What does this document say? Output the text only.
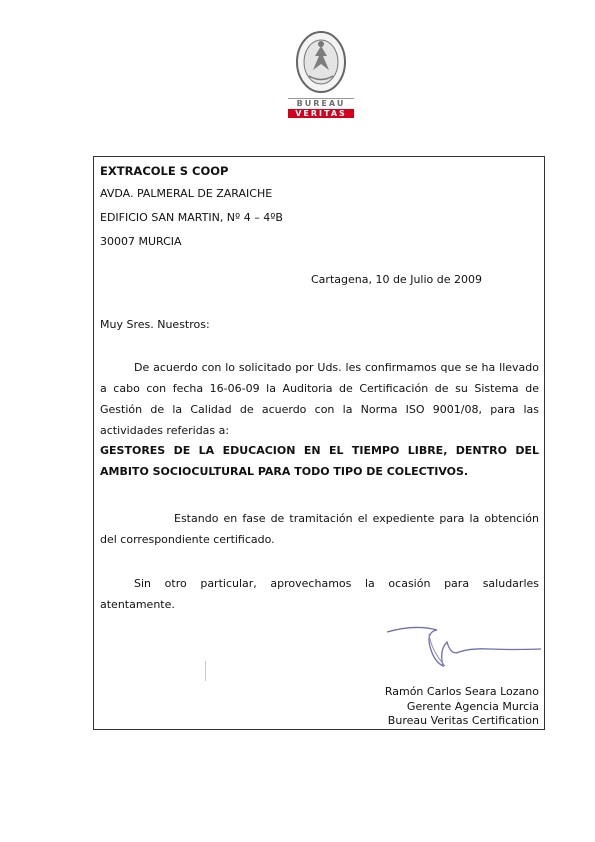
BUREAU
VERITAS
EXTRACOLE S COOP
AVDA. PALMERAL DE ZARAICHE
EDIFICIO SAN MARTIN, Nº 4 – 4ºB
30007 MURCIA
Cartagena, 10 de Julio de 2009
Muy Sres. Nuestros:
De acuerdo con lo solicitado por Uds. les confirmamos que se ha llevado a cabo con fecha 16-06-09 la Auditoria de Certificación de su Sistema de Gestión de la Calidad de acuerdo con la Norma ISO 9001/08, para las actividades referidas a:
GESTORES DE LA EDUCACION EN EL TIEMPO LIBRE, DENTRO DEL AMBITO SOCIOCULTURAL PARA TODO TIPO DE COLECTIVOS.
Estando en fase de tramitación el expediente para la obtención del correspondiente certificado.
Sin otro particular, aprovechamos la ocasión para saludarles atentamente.
Ramón Carlos Seara Lozano
Gerente Agencia Murcia
Bureau Veritas Certification
